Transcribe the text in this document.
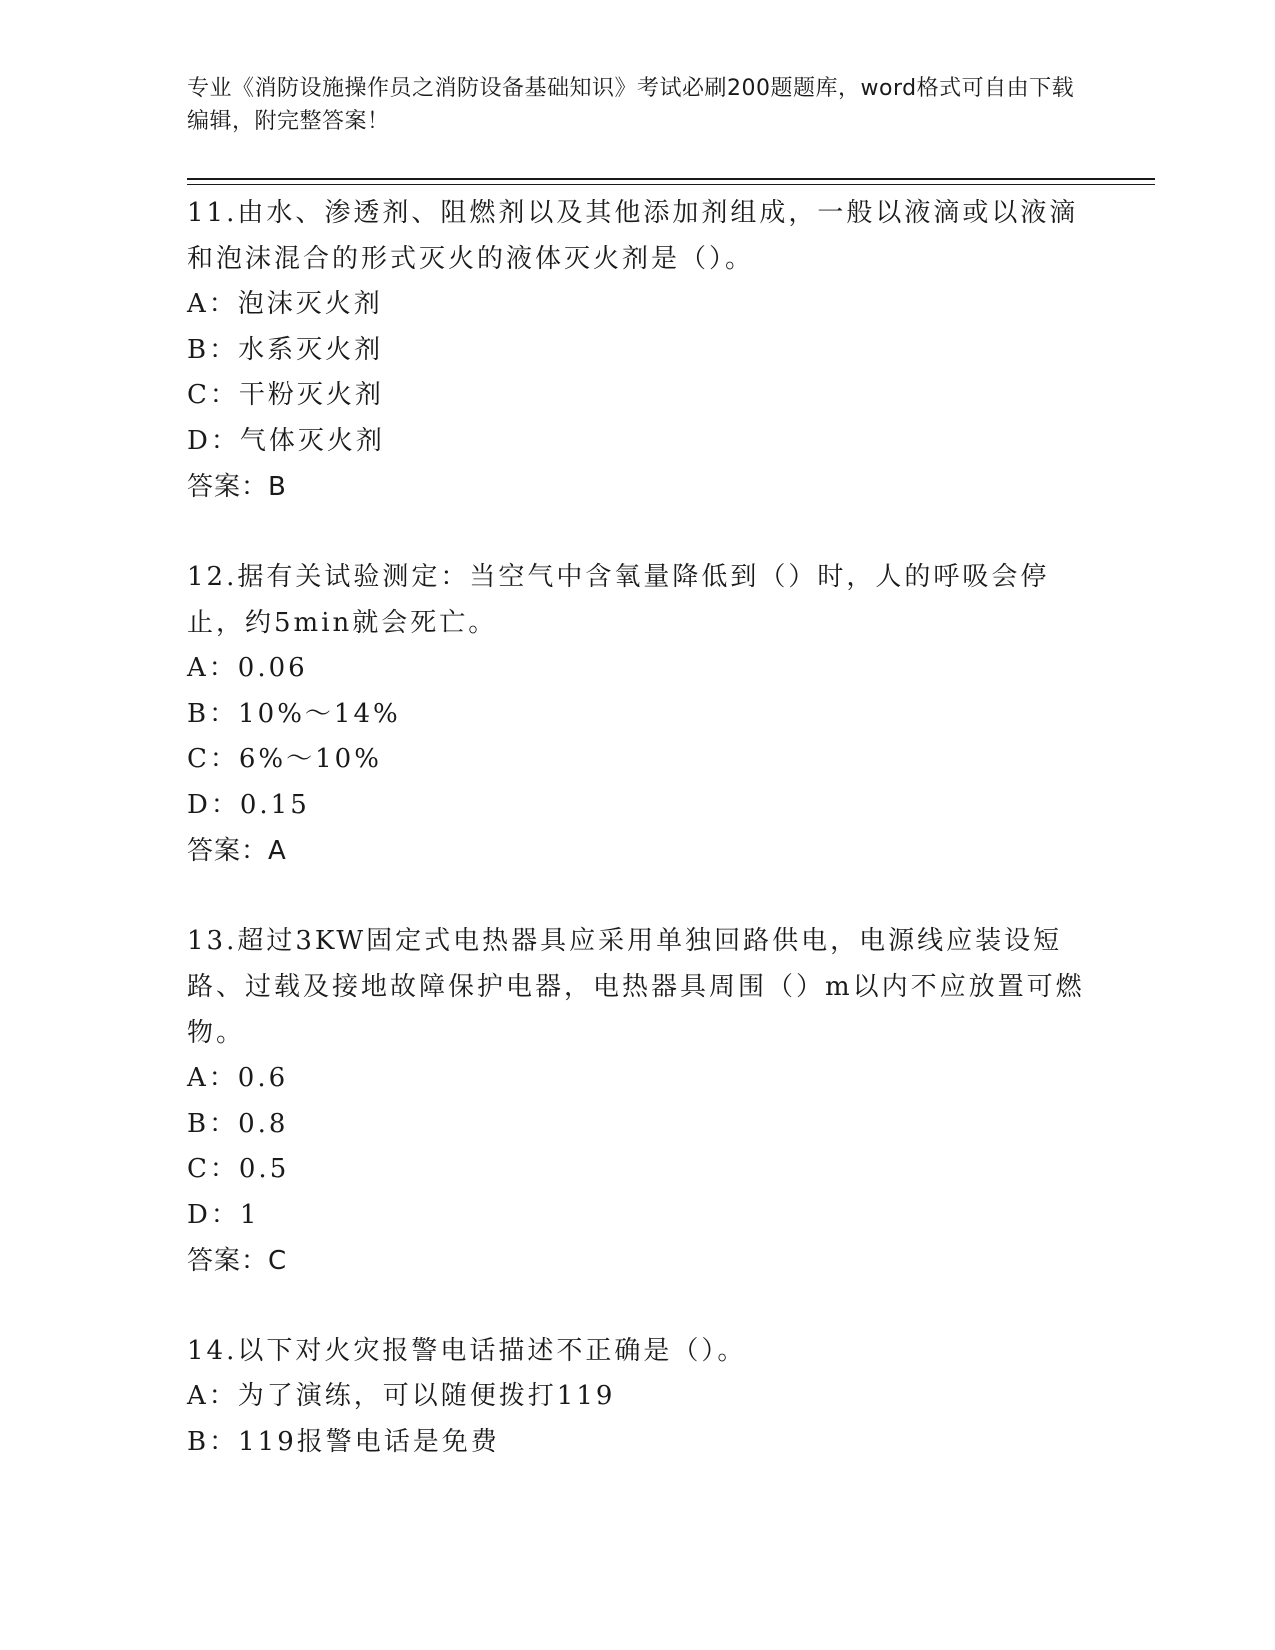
专业《消防设施操作员之消防设备基础知识》考试必刷200题题库，word格式可自由下载编辑，附完整答案！
11.由水、渗透剂、阻燃剂以及其他添加剂组成，一般以液滴或以液滴和泡沫混合的形式灭火的液体灭火剂是（）。
A：泡沫灭火剂
B：水系灭火剂
C：干粉灭火剂
D：气体灭火剂
答案：B
12.据有关试验测定：当空气中含氧量降低到（）时，人的呼吸会停止，约5min就会死亡。
A：0.06
B：10%～14%
C：6%～10%
D：0.15
答案：A
13.超过3KW固定式电热器具应采用单独回路供电，电源线应装设短路、过载及接地故障保护电器，电热器具周围（）m以内不应放置可燃物。
A：0.6
B：0.8
C：0.5
D：1
答案：C
14.以下对火灾报警电话描述不正确是（）。
A：为了演练，可以随便拨打119
B：119报警电话是免费
